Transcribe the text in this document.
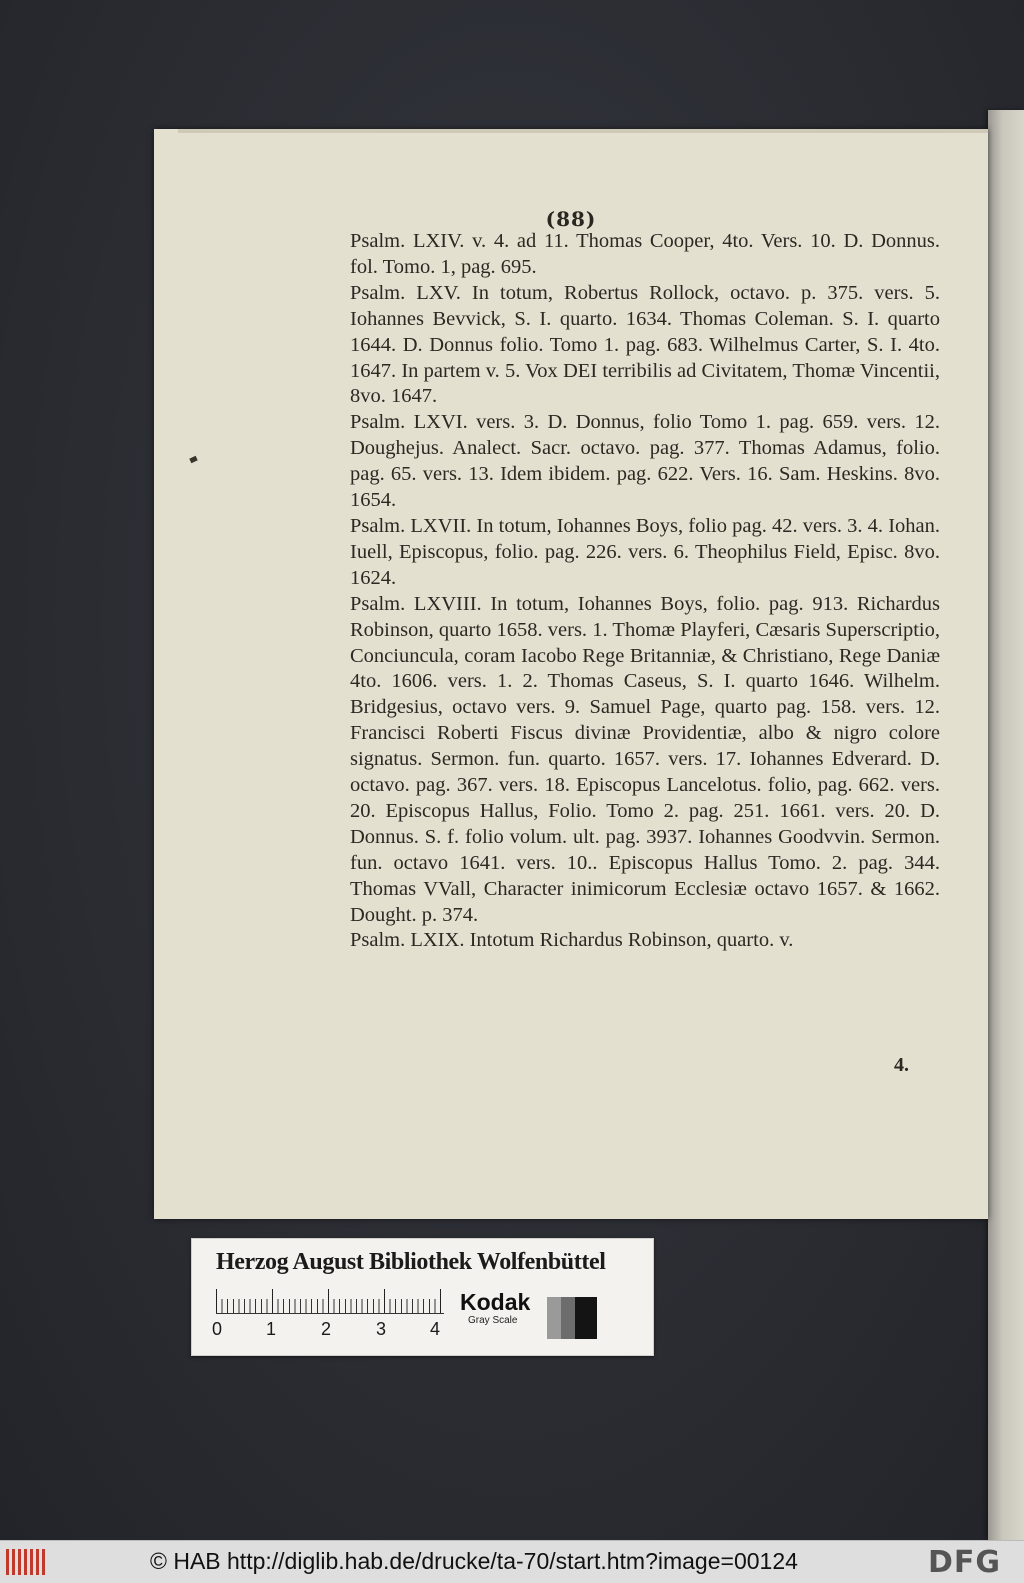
(88)
Psalm. LXIV. v. 4. ad 11. Thomas Cooper, 4to. Vers. 10. D. Donnus. fol. Tomo. 1, pag. 695.
Psalm. LXV. In totum, Robertus Rollock, octavo. p. 375. vers. 5. Iohannes Bevvick, S. I. quarto. 1634. Thomas Coleman. S. I. quarto 1644. D. Donnus folio. Tomo 1. pag. 683. Wilhelmus Carter, S. I. 4to. 1647. In partem v. 5. Vox DEI terribilis ad Civitatem, Thomæ Vincentii, 8vo. 1647.
Psalm. LXVI. vers. 3. D. Donnus, folio Tomo 1. pag. 659. vers. 12. Doughejus. Analect. Sacr. octavo. pag. 377. Thomas Adamus, folio. pag. 65. vers. 13. Idem ibidem. pag. 622. Vers. 16. Sam. Heskins. 8vo. 1654.
Psalm. LXVII. In totum, Iohannes Boys, folio pag. 42. vers. 3. 4. Iohan. Iuell, Episcopus, folio. pag. 226. vers. 6. Theophilus Field, Episc. 8vo. 1624.
Psalm. LXVIII. In totum, Iohannes Boys, folio. pag. 913. Richardus Robinson, quarto 1658. vers. 1. Thomæ Playferi, Cæsaris Superscriptio, Conciuncula, coram Iacobo Rege Britanniæ, & Christiano, Rege Daniæ 4to. 1606. vers. 1. 2. Thomas Caseus, S. I. quarto 1646. Wilhelm. Bridgesius, octavo vers. 9. Samuel Page, quarto pag. 158. vers. 12. Francisci Roberti Fiscus divinæ Providentiæ, albo & nigro colore signatus. Sermon. fun. quarto. 1657. vers. 17. Iohannes Edverard. D. octavo. pag. 367. vers. 18. Episcopus Lancelotus. folio, pag. 662. vers. 20. Episcopus Hallus, Folio. Tomo 2. pag. 251. 1661. vers. 20. D. Donnus. S. f. folio volum. ult. pag. 3937. Iohannes Goodvvin. Sermon. fun. octavo 1641. vers. 10.. Episcopus Hallus Tomo. 2. pag. 344. Thomas VVall, Character inimicorum Ecclesiæ octavo 1657. & 1662. Dought. p. 374.
Psalm. LXIX. Intotum Richardus Robinson, quarto. v.
4.
Herzog August Bibliothek Wolfenbüttel
0 1 2 3 4
Kodak
Gray Scale
© HAB http://diglib.hab.de/drucke/ta-70/start.htm?image=00124	DFG
